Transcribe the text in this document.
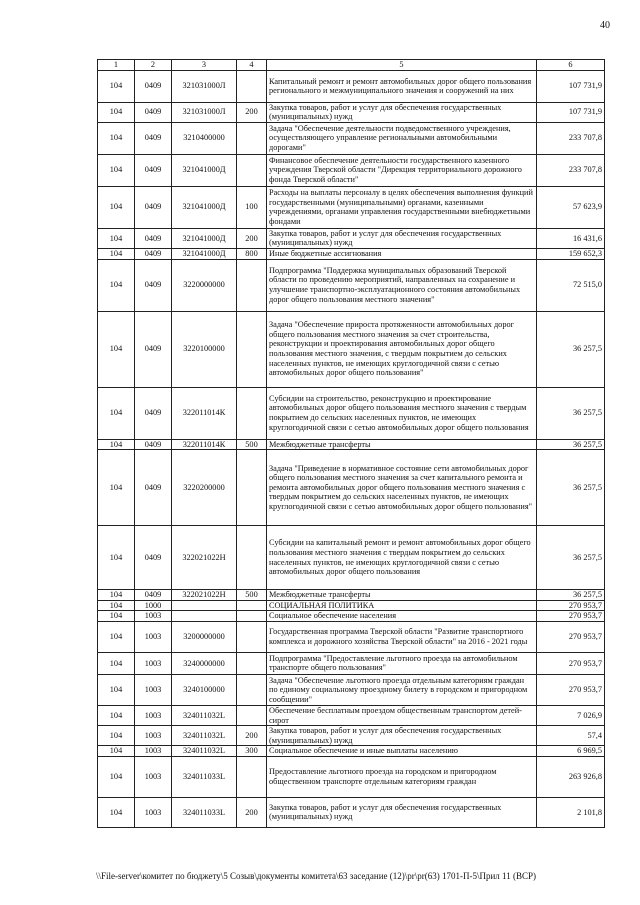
40
1	2	3	4	5	6
104	0409	321031000Л		Капитальный ремонт и ремонт автомобильных дорог общего пользования регионального и межмуниципального значения и сооружений на них	107 731,9
104	0409	321031000Л	200	Закупка товаров, работ и услуг для обеспечения государственных (муниципальных) нужд	107 731,9
104	0409	3210400000		Задача "Обеспечение деятельности подведомственного учреждения, осуществляющего управление региональными автомобильными дорогами"	233 707,8
104	0409	321041000Д		Финансовое обеспечение деятельности государственного казенного учреждения Тверской области "Дирекция территориального дорожного фонда Тверской области"	233 707,8
104	0409	321041000Д	100	Расходы на выплаты персоналу в целях обеспечения выполнения функций государственными (муниципальными) органами, казенными учреждениями, органами управления государственными внебюджетными фондами	57 623,9
104	0409	321041000Д	200	Закупка товаров, работ и услуг для обеспечения государственных (муниципальных) нужд	16 431,6
104	0409	321041000Д	800	Иные бюджетные ассигнования	159 652,3
104	0409	3220000000		Подпрограмма "Поддержка муниципальных образований Тверской области по проведению мероприятий, направленных на сохранение и улучшение транспортно-эксплуатационного состояния автомобильных дорог общего пользования местного значения"	72 515,0
104	0409	3220100000		Задача "Обеспечение прироста протяженности автомобильных дорог общего пользования местного значения за счет строительства, реконструкции и проектирования автомобильных дорог общего пользования местного значения, с твердым покрытием до сельских населенных пунктов, не имеющих круглогодичной связи с сетью автомобильных дорог общего пользования"	36 257,5
104	0409	322011014К		Субсидии на строительство, реконструкцию и проектирование автомобильных дорог общего пользования местного значения с твердым покрытием до сельских населенных пунктов, не имеющих круглогодичной связи с сетью автомобильных дорог общего пользования	36 257,5
104	0409	322011014К	500	Межбюджетные трансферты	36 257,5
104	0409	3220200000		Задача "Приведение в нормативное состояние сети автомобильных дорог общего пользования местного значения за счет капитального ремонта и ремонта автомобильных дорог общего пользования местного значения с твердым покрытием до сельских населенных пунктов, не имеющих круглогодичной связи с сетью автомобильных дорог общего пользования"	36 257,5
104	0409	322021022Н		Субсидии на капитальный ремонт и ремонт автомобильных дорог общего пользования местного значения с твердым покрытием до сельских населенных пунктов, не имеющих круглогодичной связи с сетью автомобильных дорог общего пользования	36 257,5
104	0409	322021022Н	500	Межбюджетные трансферты	36 257,5
104	1000			СОЦИАЛЬНАЯ ПОЛИТИКА	270 953,7
104	1003			Социальное обеспечение населения	270 953,7
104	1003	3200000000		Государственная программа Тверской области "Развитие транспортного комплекса и дорожного хозяйства Тверской области" на 2016 - 2021 годы	270 953,7
104	1003	3240000000		Подпрограмма "Предоставление льготного проезда на автомобильном транспорте общего пользования"	270 953,7
104	1003	3240100000		Задача "Обеспечение льготного проезда отдельным категориям граждан по единому социальному проездному билету в городском и пригородном сообщении"	270 953,7
104	1003	324011032L		Обеспечение бесплатным проездом общественным транспортом детей-сирот	7 026,9
104	1003	324011032L	200	Закупка товаров, работ и услуг для обеспечения государственных (муниципальных) нужд	57,4
104	1003	324011032L	300	Социальное обеспечение и иные выплаты населению	6 969,5
104	1003	324011033L		Предоставление льготного проезда на городском и пригородном общественном транспорте отдельным категориям граждан	263 926,8
104	1003	324011033L	200	Закупка товаров, работ и услуг для обеспечения государственных (муниципальных) нужд	2 101,8
\\File-server\комитет по бюджету\5 Созыв\документы комитета\63 заседание (12)\pr\pr(63) 1701-П-5\Прил 11 (ВСР)
